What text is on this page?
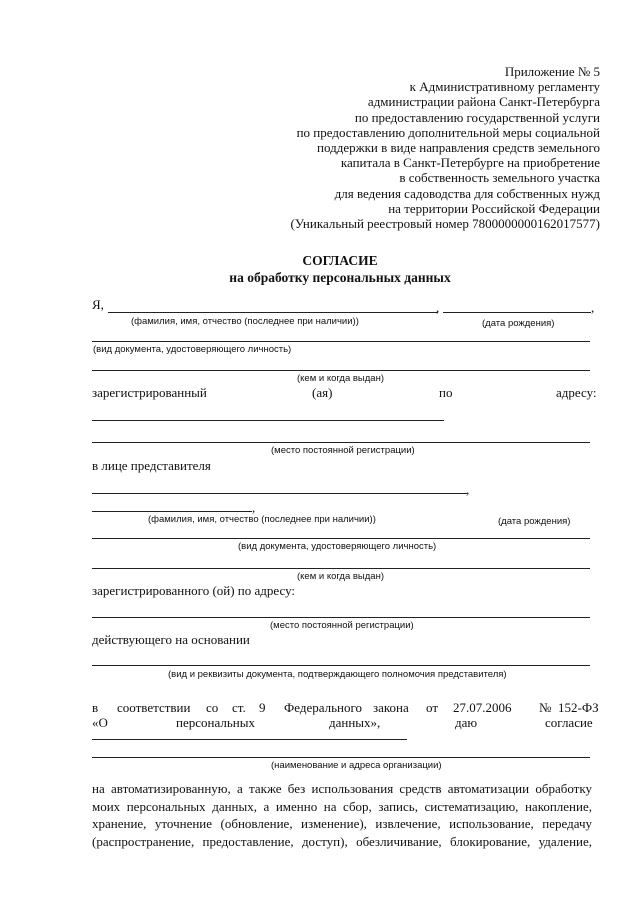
Приложение № 5
к Административному регламенту
администрации района Санкт-Петербурга
по предоставлению государственной услуги
по предоставлению дополнительной меры социальной
поддержки в виде направления средств земельного
капитала в Санкт-Петербурге на приобретение
в собственность земельного участка
для ведения садоводства для собственных нужд
на территории Российской Федерации
(Уникальный реестровый номер 7800000000162017577)
СОГЛАСИЕ
на обработку персональных данных
Я,	,	,
(фамилия, имя, отчество (последнее при наличии))	(дата рождения)
(вид документа, удостоверяющего личность)
(кем и когда выдан)
зарегистрированный	(ая)	по	адресу:
(место постоянной регистрации)
в лице представителя
,
,
(фамилия, имя, отчество (последнее при наличии))	(дата рождения)
(вид документа, удостоверяющего личность)
(кем и когда выдан)
зарегистрированного (ой) по адресу:
(место постоянной регистрации)
действующего на основании
(вид и реквизиты документа, подтверждающего полномочия представителя)
в соответствии со ст. 9 Федерального закона от 27.07.2006 № 152-ФЗ
«О	персональных	данных»,	даю	согласие
(наименование и адреса организации)
на автоматизированную, а также без использования средств автоматизации обработку
моих персональных данных, а именно на сбор, запись, систематизацию, накопление,
хранение, уточнение (обновление, изменение), извлечение, использование, передачу
(распространение, предоставление, доступ), обезличивание, блокирование, удаление,
